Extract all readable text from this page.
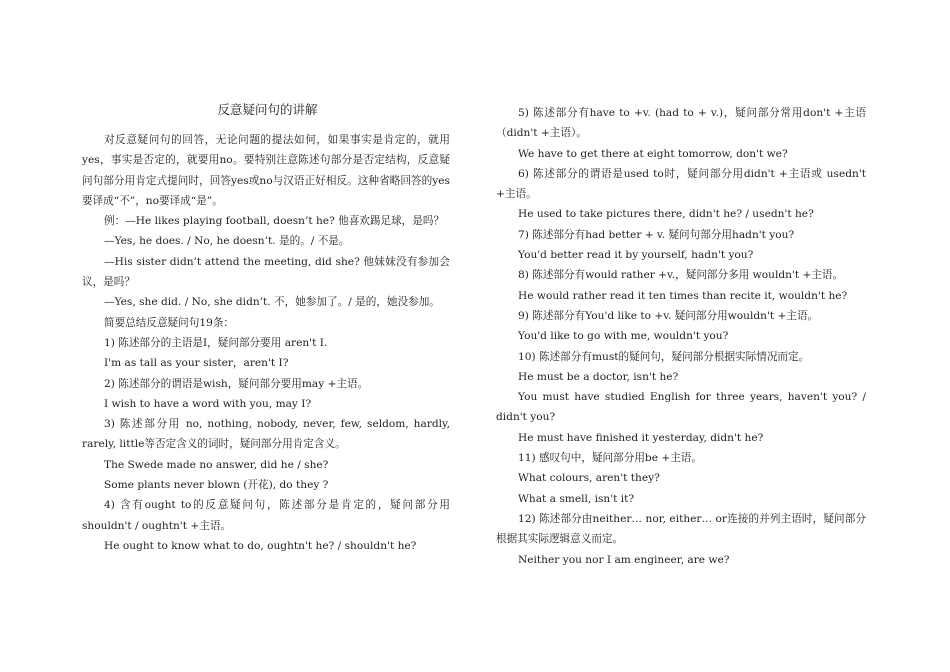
反意疑问句的讲解

对反意疑问句的回答，无论问题的提法如何，如果事实是肯定的，就用yes，事实是否定的，就要用no。要特别注意陈述句部分是否定结构，反意疑问句部分用肯定式提问时，回答yes或no与汉语正好相反。这种省略回答的yes要译成“不”，no要译成“是”。

例：—He likes playing football, doesn’t he? 他喜欢踢足球，是吗？

—Yes, he does. / No, he doesn’t. 是的。/ 不是。

—His sister didn’t attend the meeting, did she? 他妹妹没有参加会议，是吗？

—Yes, she did. / No, she didn’t. 不，她参加了。/ 是的，她没参加。

简要总结反意疑问句19条：

1) 陈述部分的主语是I，疑问部分要用 aren't I.

I'm as tall as your sister，aren't I?

2) 陈述部分的谓语是wish，疑问部分要用may +主语。

I wish to have a word with you, may I?

3) 陈述部分用 no, nothing, nobody, never, few, seldom, hardly, rarely, little等否定含义的词时，疑问部分用肯定含义。

The Swede made no answer, did he / she?

Some plants never blown (开花), do they ?

4) 含有ought to的反意疑问句，陈述部分是肯定的，疑问部分用shouldn't / oughtn't +主语。

He ought to know what to do, oughtn't he? / shouldn't he?

5) 陈述部分有have to +v. (had to + v.)，疑问部分常用don't +主语（didn't +主语）。

We have to get there at eight tomorrow, don't we?

6) 陈述部分的谓语是used to时，疑问部分用didn't +主语或 usedn't +主语。

He used to take pictures there, didn't he? / usedn't he?

7) 陈述部分有had better + v. 疑问句部分用hadn't you?

You'd better read it by yourself, hadn't you?

8) 陈述部分有would rather +v.，疑问部分多用 wouldn't +主语。

He would rather read it ten times than recite it, wouldn't he?

9) 陈述部分有You'd like to +v. 疑问部分用wouldn't +主语。

You'd like to go with me, wouldn't you?

10) 陈述部分有must的疑问句，疑问部分根据实际情况而定。

He must be a doctor, isn't he?

You must have studied English for three years, haven't you? / didn't you?

He must have finished it yesterday, didn't he?

11) 感叹句中，疑问部分用be +主语。

What colours, aren't they?

What a smell, isn't it?

12) 陈述部分由neither… nor, either… or连接的并列主语时，疑问部分根据其实际逻辑意义而定。

Neither you nor I am engineer, are we?
